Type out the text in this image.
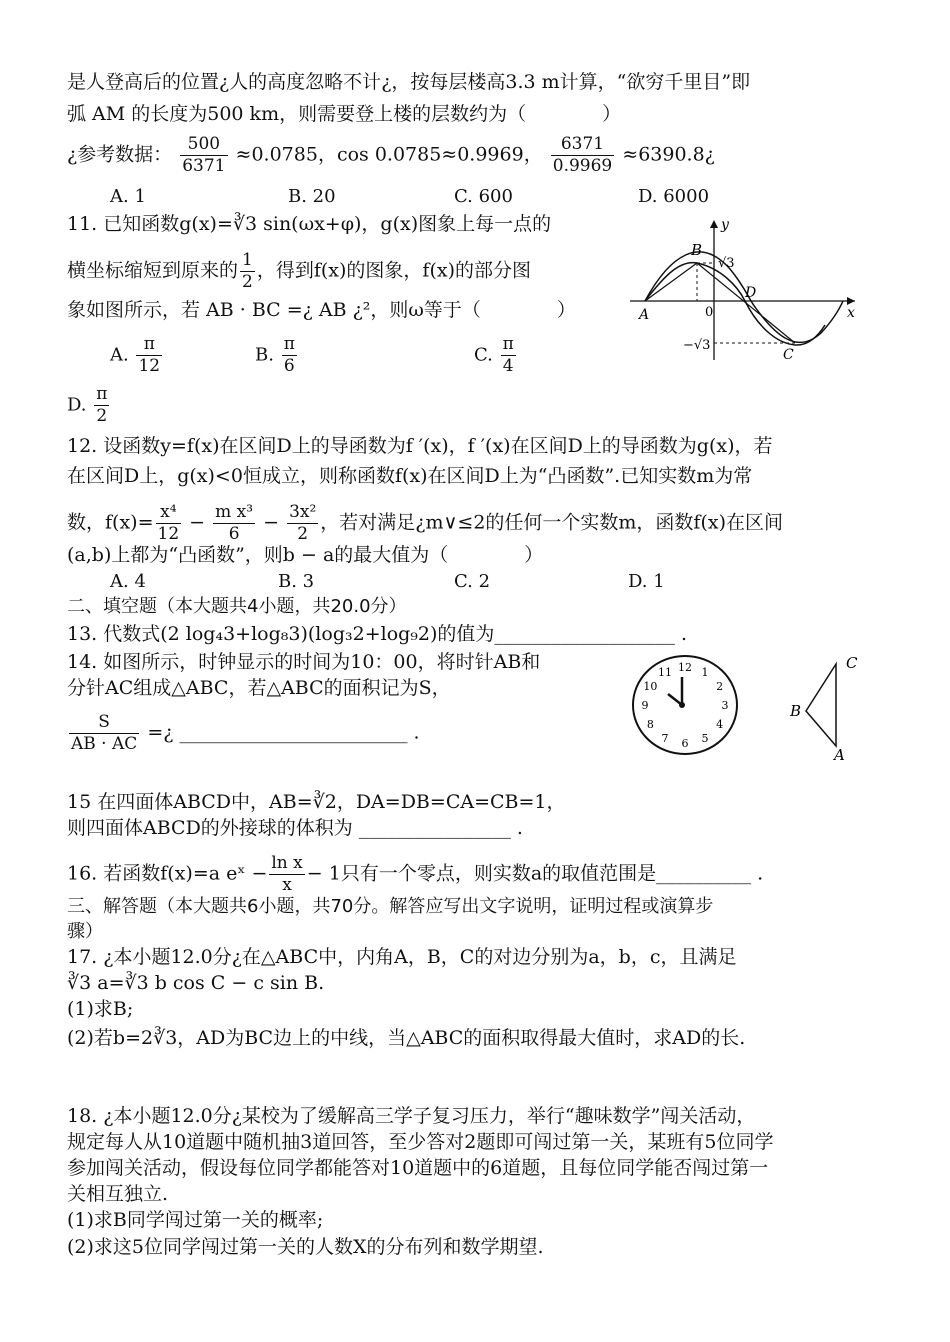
是人登高后的位置¿人的高度忽略不计¿，按每层楼高3.3 m计算，“欲穷千里目”即
弧 AM 的长度为500 km，则需要登上楼的层数约为（　　　　）
¿参考数据： $\frac{500}{6371} \approx 0.0785$，cos 0.0785≈0.9969， $\frac{6371}{0.9969}$ ≈6390.8¿
A. 1	B. 20	C. 600	D. 6000
11. 已知函数g(x)=∛3 sin(ωx+φ)，g(x)图象上每一点的
横坐标缩短到原来的 $\frac{1}{2}$ ，得到f(x)的图象，f(x)的部分图
象如图所示，若 AB · BC =¿ AB ¿²，则ω等于（　　　　）
A. $\frac{\pi}{12}$	B. $\frac{\pi}{6}$	C. $\frac{\pi}{4}$
D. $\frac{\pi}{2}$
B
y
√3
A	0
D
x
−√3
C
12. 设函数y=f(x)在区间D上的导函数为f ′(x)，f ′(x)在区间D上的导函数为g(x)，若
在区间D上，g(x)<0恒成立，则称函数f(x)在区间D上为“凸函数”.已知实数m为常
数，$f(x)= \frac{\text{x⁴}}{12} - \frac{\text{m x³}}{6} - \frac{\text{3x²}}{2}$ ，若对满足¿m∨≤2的任何一个实数m，函数f(x)在区间
(a,b)上都为“凸函数”，则b − a的最大值为（　　　　）
A. 4	B. 3	C. 2	D. 1
二、填空题（本大题共4小题，共20.0分）
13. 代数式(2 log₄3+log₈3)(log₃2+log₉2)的值为___________________ .
14. 如图所示，时钟显示的时间为10：00，将时针AB和
分针AC组成△ABC，若△ABC的面积记为S，
$\frac{S}{AB \cdot AC}$ =¿ ________________________ .
12 1
2
3
4
5
6
7
8
9
10
11
C
B
A
15 在四面体ABCD中，AB=∛2，DA=DB=CA=CB=1，
则四面体ABCD的外接球的体积为 ________________ .
16. 若函数f(x)=a eˣ − $\frac{\text{ln x}}{x} - 1$只有一个零点，则实数a的取值范围是__________ .
三、解答题（本大题共6小题，共70分。解答应写出文字说明，证明过程或演算步
骤）
17. ¿本小题12.0分¿在△ABC中，内角A，B，C的对边分别为a，b，c，且满足
∛3 a=∛3 b cos C − c sin B.
(1)求B;
(2)若b=2∛3，AD为BC边上的中线，当△ABC的面积取得最大值时，求AD的长.
18. ¿本小题12.0分¿某校为了缓解高三学子复习压力，举行“趣味数学”闯关活动，
规定每人从10道题中随机抽3道回答，至少答对2题即可闯过第一关，某班有5位同学
参加闯关活动，假设每位同学都能答对10道题中的6道题，且每位同学能否闯过第一
关相互独立.
(1)求B同学闯过第一关的概率;
(2)求这5位同学闯过第一关的人数X的分布列和数学期望.
